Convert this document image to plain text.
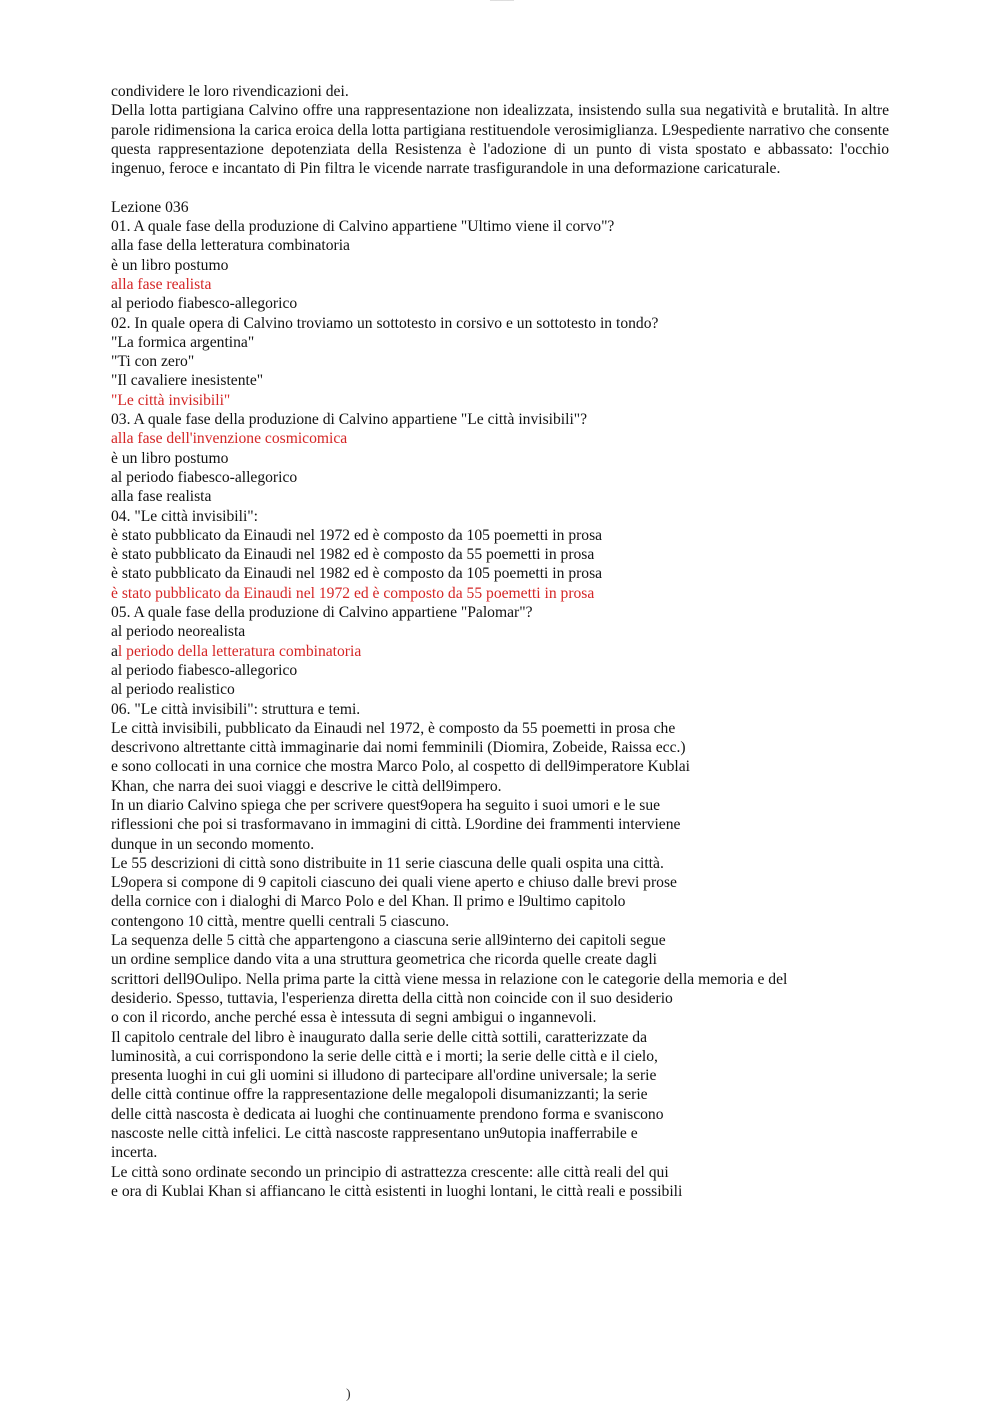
————
condividere le loro rivendicazioni dei.
Della lotta partigiana Calvino offre una rappresentazione non idealizzata, insistendo sulla sua negatività e brutalità. In altre parole ridimensiona la carica eroica della lotta partigiana restituendole verosimiglianza. L9espediente narrativo che consente questa rappresentazione depotenziata della Resistenza è l'adozione di un punto di vista spostato e abbassato: l'occhio ingenuo, feroce e incantato di Pin filtra le vicende narrate trasfigurandole in una deformazione caricaturale.
Lezione 036
01. A quale fase della produzione di Calvino appartiene "Ultimo viene il corvo"?
alla fase della letteratura combinatoria
è un libro postumo
alla fase realista
al periodo fiabesco-allegorico
02. In quale opera di Calvino troviamo un sottotesto in corsivo e un sottotesto in tondo?
"La formica argentina"
"Ti con zero"
"Il cavaliere inesistente"
"Le città invisibili"
03. A quale fase della produzione di Calvino appartiene "Le città invisibili"?
alla fase dell'invenzione cosmicomica
è un libro postumo
al periodo fiabesco-allegorico
alla fase realista
04. "Le città invisibili":
è stato pubblicato da Einaudi nel 1972 ed è composto da 105 poemetti in prosa
è stato pubblicato da Einaudi nel 1982 ed è composto da 55 poemetti in prosa
è stato pubblicato da Einaudi nel 1982 ed è composto da 105 poemetti in prosa
è stato pubblicato da Einaudi nel 1972 ed è composto da 55 poemetti in prosa
05. A quale fase della produzione di Calvino appartiene "Palomar"?
al periodo neorealista
al periodo della letteratura combinatoria
al periodo fiabesco-allegorico
al periodo realistico
06. "Le città invisibili": struttura e temi.
Le città invisibili, pubblicato da Einaudi nel 1972, è composto da 55 poemetti in prosa che
descrivono altrettante città immaginarie dai nomi femminili (Diomira, Zobeide, Raissa ecc.)
e sono collocati in una cornice che mostra Marco Polo, al cospetto di dell9imperatore Kublai
Khan, che narra dei suoi viaggi e descrive le città dell9impero.
In un diario Calvino spiega che per scrivere quest9opera ha seguito i suoi umori e le sue
riflessioni che poi si trasformavano in immagini di città. L9ordine dei frammenti interviene
dunque in un secondo momento.
Le 55 descrizioni di città sono distribuite in 11 serie ciascuna delle quali ospita una città.
L9opera si compone di 9 capitoli ciascuno dei quali viene aperto e chiuso dalle brevi prose
della cornice con i dialoghi di Marco Polo e del Khan. Il primo e l9ultimo capitolo
contengono 10 città, mentre quelli centrali 5 ciascuno.
La sequenza delle 5 città che appartengono a ciascuna serie all9interno dei capitoli segue
un ordine semplice dando vita a una struttura geometrica che ricorda quelle create dagli
scrittori dell9Oulipo. Nella prima parte la città viene messa in relazione con le categorie della memoria e del
desiderio. Spesso, tuttavia, l'esperienza diretta della città non coincide con il suo desiderio
o con il ricordo, anche perché essa è intessuta di segni ambigui o ingannevoli.
Il capitolo centrale del libro è inaugurato dalla serie delle città sottili, caratterizzate da
luminosità, a cui corrispondono la serie delle città e i morti; la serie delle città e il cielo,
presenta luoghi in cui gli uomini si illudono di partecipare all'ordine universale; la serie
delle città continue offre la rappresentazione delle megalopoli disumanizzanti; la serie
delle città nascosta è dedicata ai luoghi che continuamente prendono forma e svaniscono
nascoste nelle città infelici. Le città nascoste rappresentano un9utopia inafferrabile e
incerta.
Le città sono ordinate secondo un principio di astrattezza crescente: alle città reali del qui
e ora di Kublai Khan si affiancano le città esistenti in luoghi lontani, le città reali e possibili
)
